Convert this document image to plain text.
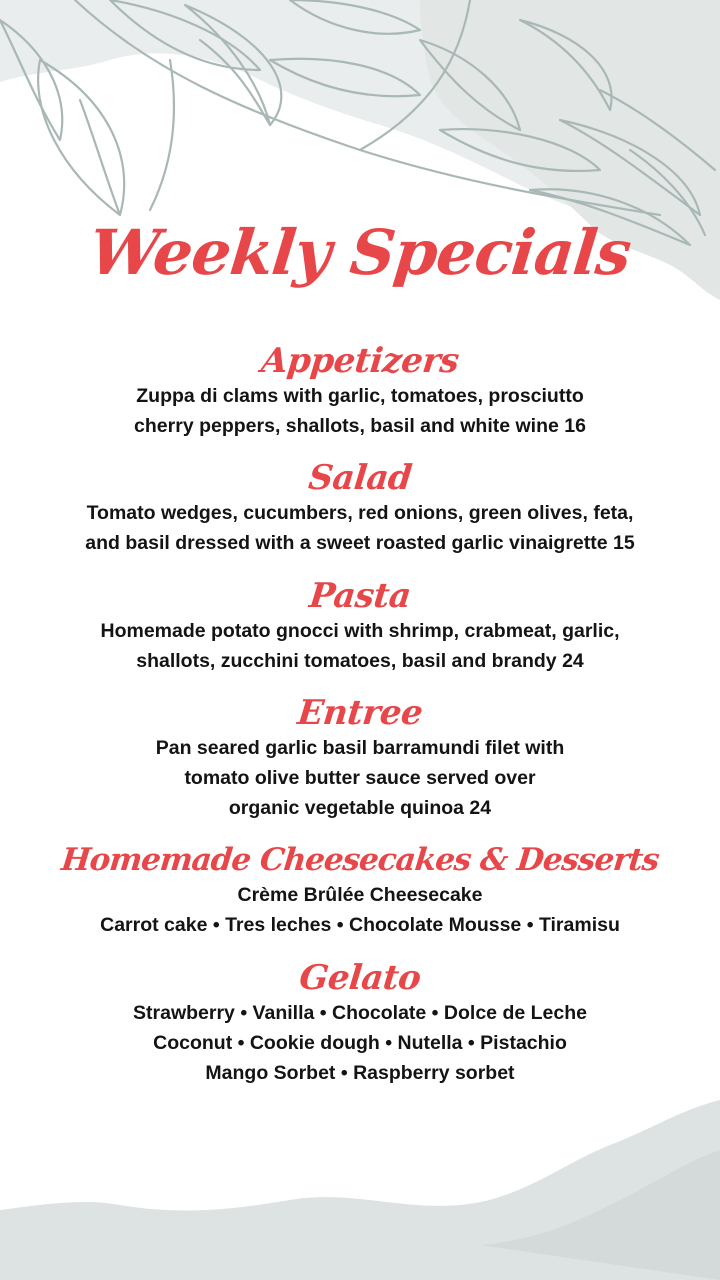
Weekly Specials
Appetizers
Zuppa di clams with garlic, tomatoes, prosciutto
cherry peppers, shallots, basil and white wine 16
Salad
Tomato wedges, cucumbers, red onions, green olives, feta,
and basil dressed with a sweet roasted garlic vinaigrette 15
Pasta
Homemade potato gnocci with shrimp, crabmeat, garlic,
shallots, zucchini tomatoes, basil and brandy 24
Entree
Pan seared garlic basil barramundi filet with
tomato olive butter sauce served over
organic vegetable quinoa 24
Homemade Cheesecakes & Desserts
Crème Brûlée Cheesecake
Carrot cake • Tres leches • Chocolate Mousse • Tiramisu
Gelato
Strawberry • Vanilla • Chocolate • Dolce de Leche
Coconut • Cookie dough • Nutella • Pistachio
Mango Sorbet • Raspberry sorbet
